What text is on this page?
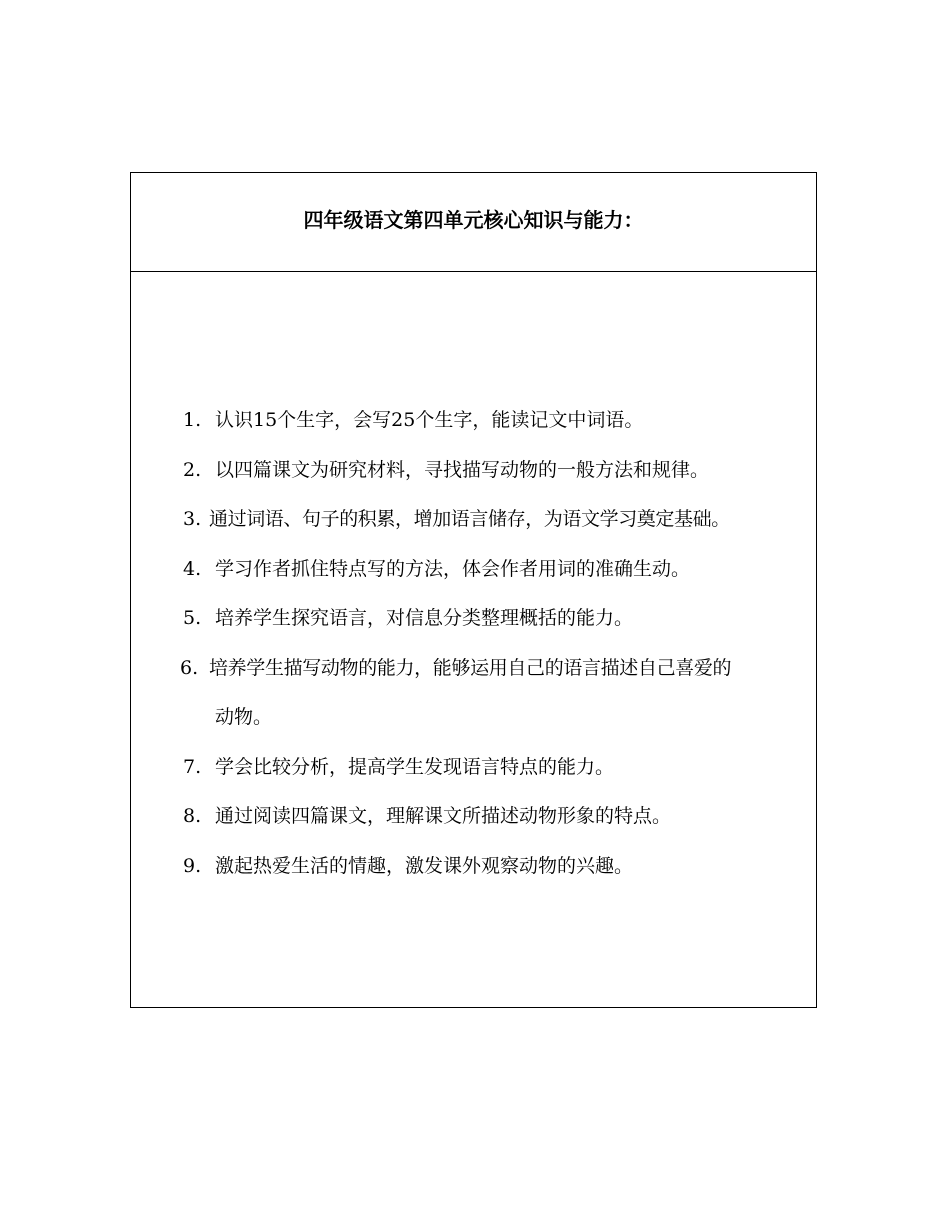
四年级语文第四单元核心知识与能力：
1. 认识15个生字，会写25个生字，能读记文中词语。
2. 以四篇课文为研究材料，寻找描写动物的一般方法和规律。
3. 通过词语、句子的积累，增加语言储存，为语文学习奠定基础。
4. 学习作者抓住特点写的方法，体会作者用词的准确生动。
5. 培养学生探究语言，对信息分类整理概括的能力。
6. 培养学生描写动物的能力，能够运用自己的语言描述自己喜爱的
动物。
7. 学会比较分析，提高学生发现语言特点的能力。
8. 通过阅读四篇课文，理解课文所描述动物形象的特点。
9. 激起热爱生活的情趣，激发课外观察动物的兴趣。
